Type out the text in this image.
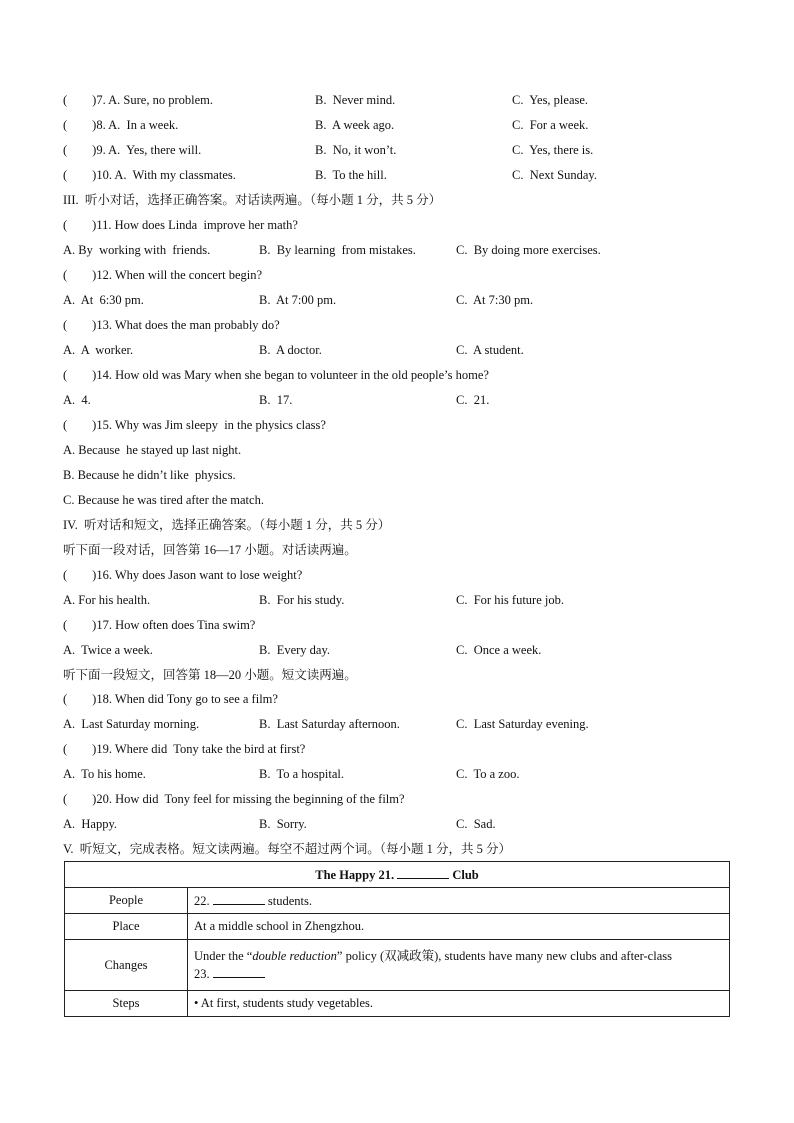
(        )7. A. Sure, no problem.	B.  Never mind.	C.  Yes, please.
(        )8. A.  In a week.	B.  A week ago.	C.  For a week.
(        )9. A.  Yes, there will.	B.  No, it won’t.	C.  Yes, there is.
(        )10. A.  With my classmates.	B.  To the hill.	C.  Next Sunday.
III.  听小对话，选择正确答案。对话读两遍。（每小题 1 分，共 5 分）
(        )11. How does Linda  improve her math?
A. By  working with  friends.	B.  By learning  from mistakes.	C.  By doing more exercises.
(        )12. When will the concert begin?
A.  At  6:30 pm.	B.  At 7:00 pm.	C.  At 7:30 pm.
(        )13. What does the man probably do?
A.  A  worker.	B.  A doctor.	C.  A student.
(        )14. How old was Mary when she began to volunteer in the old people’s home?
A.  4.	B.  17.	C.  21.
(        )15. Why was Jim sleepy  in the physics class?
A. Because  he stayed up last night.
B. Because he didn’t like  physics.
C. Because he was tired after the match.
IV.  听对话和短文，选择正确答案。（每小题 1 分，共 5 分）
听下面一段对话，回答第 16—17 小题。对话读两遍。
(        )16. Why does Jason want to lose weight?
A. For his health.	B.  For his study.	C.  For his future job.
(        )17. How often does Tina swim?
A.  Twice a week.	B.  Every day.	C.  Once a week.
听下面一段短文，回答第 18—20 小题。短文读两遍。
(        )18. When did Tony go to see a film?
A.  Last Saturday morning.	B.  Last Saturday afternoon.	C.  Last Saturday evening.
(        )19. Where did  Tony take the bird at first?
A.  To his home.	B.  To a hospital.	C.  To a zoo.
(        )20. How did  Tony feel for missing the beginning of the film?
A.  Happy.	B.  Sorry.	C.  Sad.
V.  听短文，完成表格。短文读两遍。每空不超过两个词。（每小题 1 分，共 5 分）
The Happy 21. Club	
People	22. students.
Place	At a middle school in Zhengzhou.
Changes	Under the “double reduction” policy (双减政策), students have many new clubs and after-class
23.
Steps	• At first, students study vegetables.
